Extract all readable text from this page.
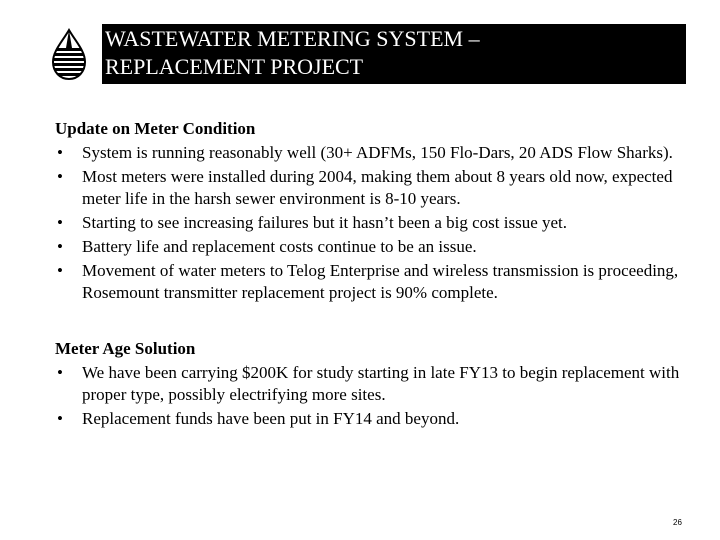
WASTEWATER METERING SYSTEM –
REPLACEMENT PROJECT
Update on Meter Condition
• System is running reasonably well (30+ ADFMs, 150 Flo-Dars, 20 ADS Flow Sharks).
• Most meters were installed during 2004, making them about 8 years old now, expected meter life in the harsh sewer environment is 8-10 years.
• Starting to see increasing failures but it hasn’t been a big cost issue yet.
• Battery life and replacement costs continue to be an issue.
• Movement of water meters to Telog Enterprise and wireless transmission is proceeding, Rosemount transmitter replacement project is 90% complete.
Meter Age Solution
• We have been carrying $200K for study starting in late FY13 to begin replacement with proper type, possibly electrifying more sites.
• Replacement funds have been put in FY14 and beyond.
26
